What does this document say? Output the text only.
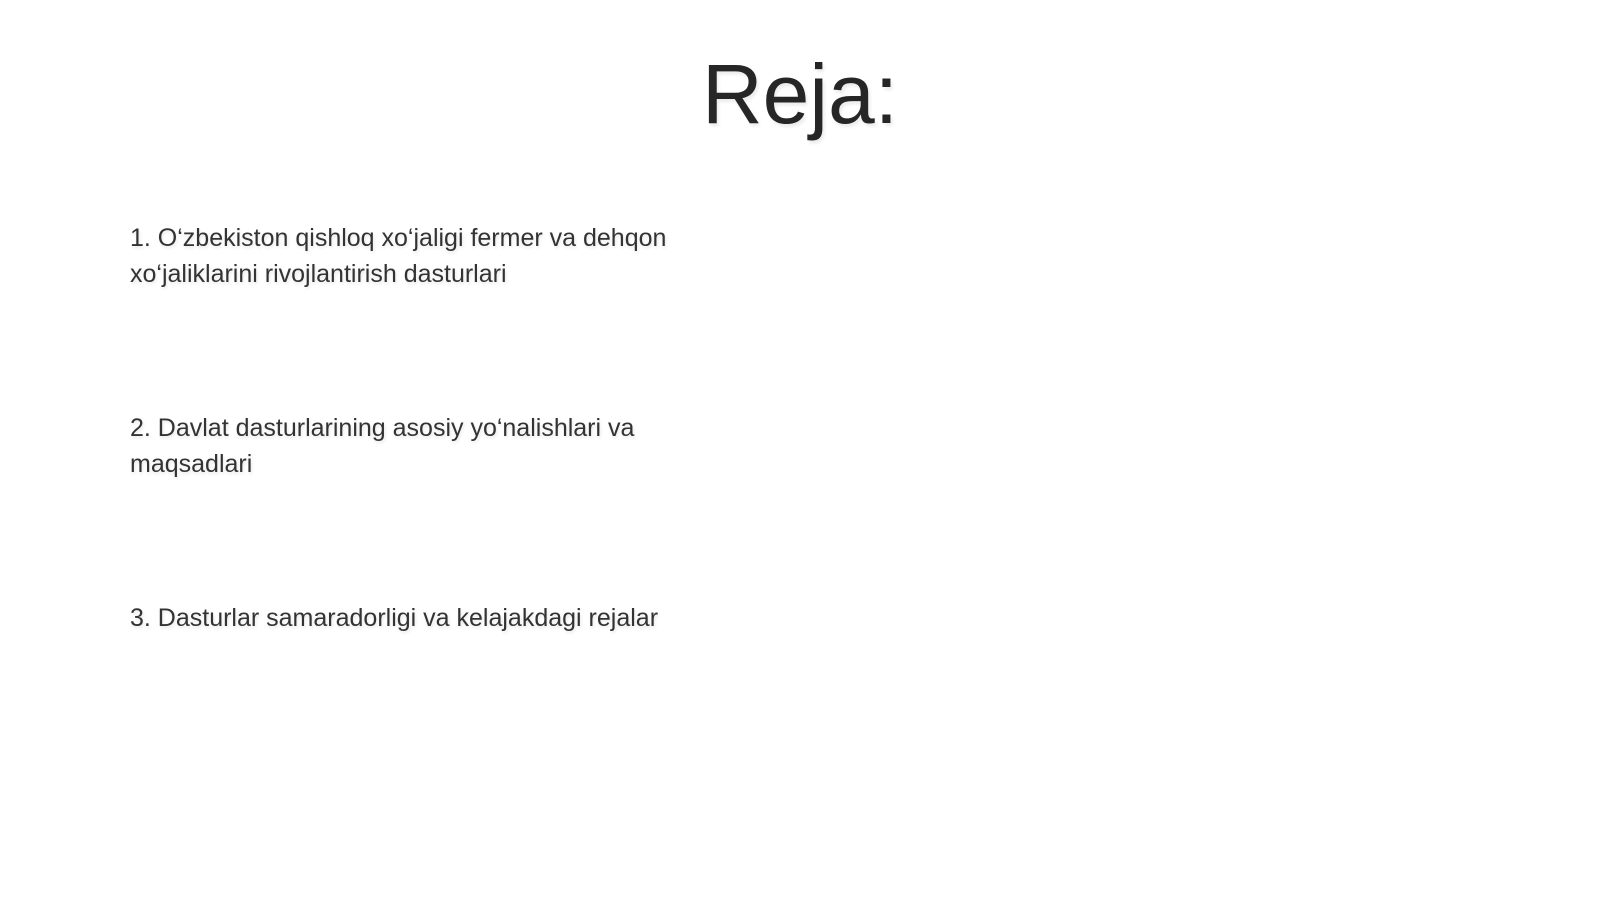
Reja:
1. O‘zbekiston qishloq xo‘jaligi fermer va dehqon xo‘jaliklarini rivojlantirish dasturlari
2. Davlat dasturlarining asosiy yo‘nalishlari va maqsadlari
3. Dasturlar samaradorligi va kelajakdagi rejalar
